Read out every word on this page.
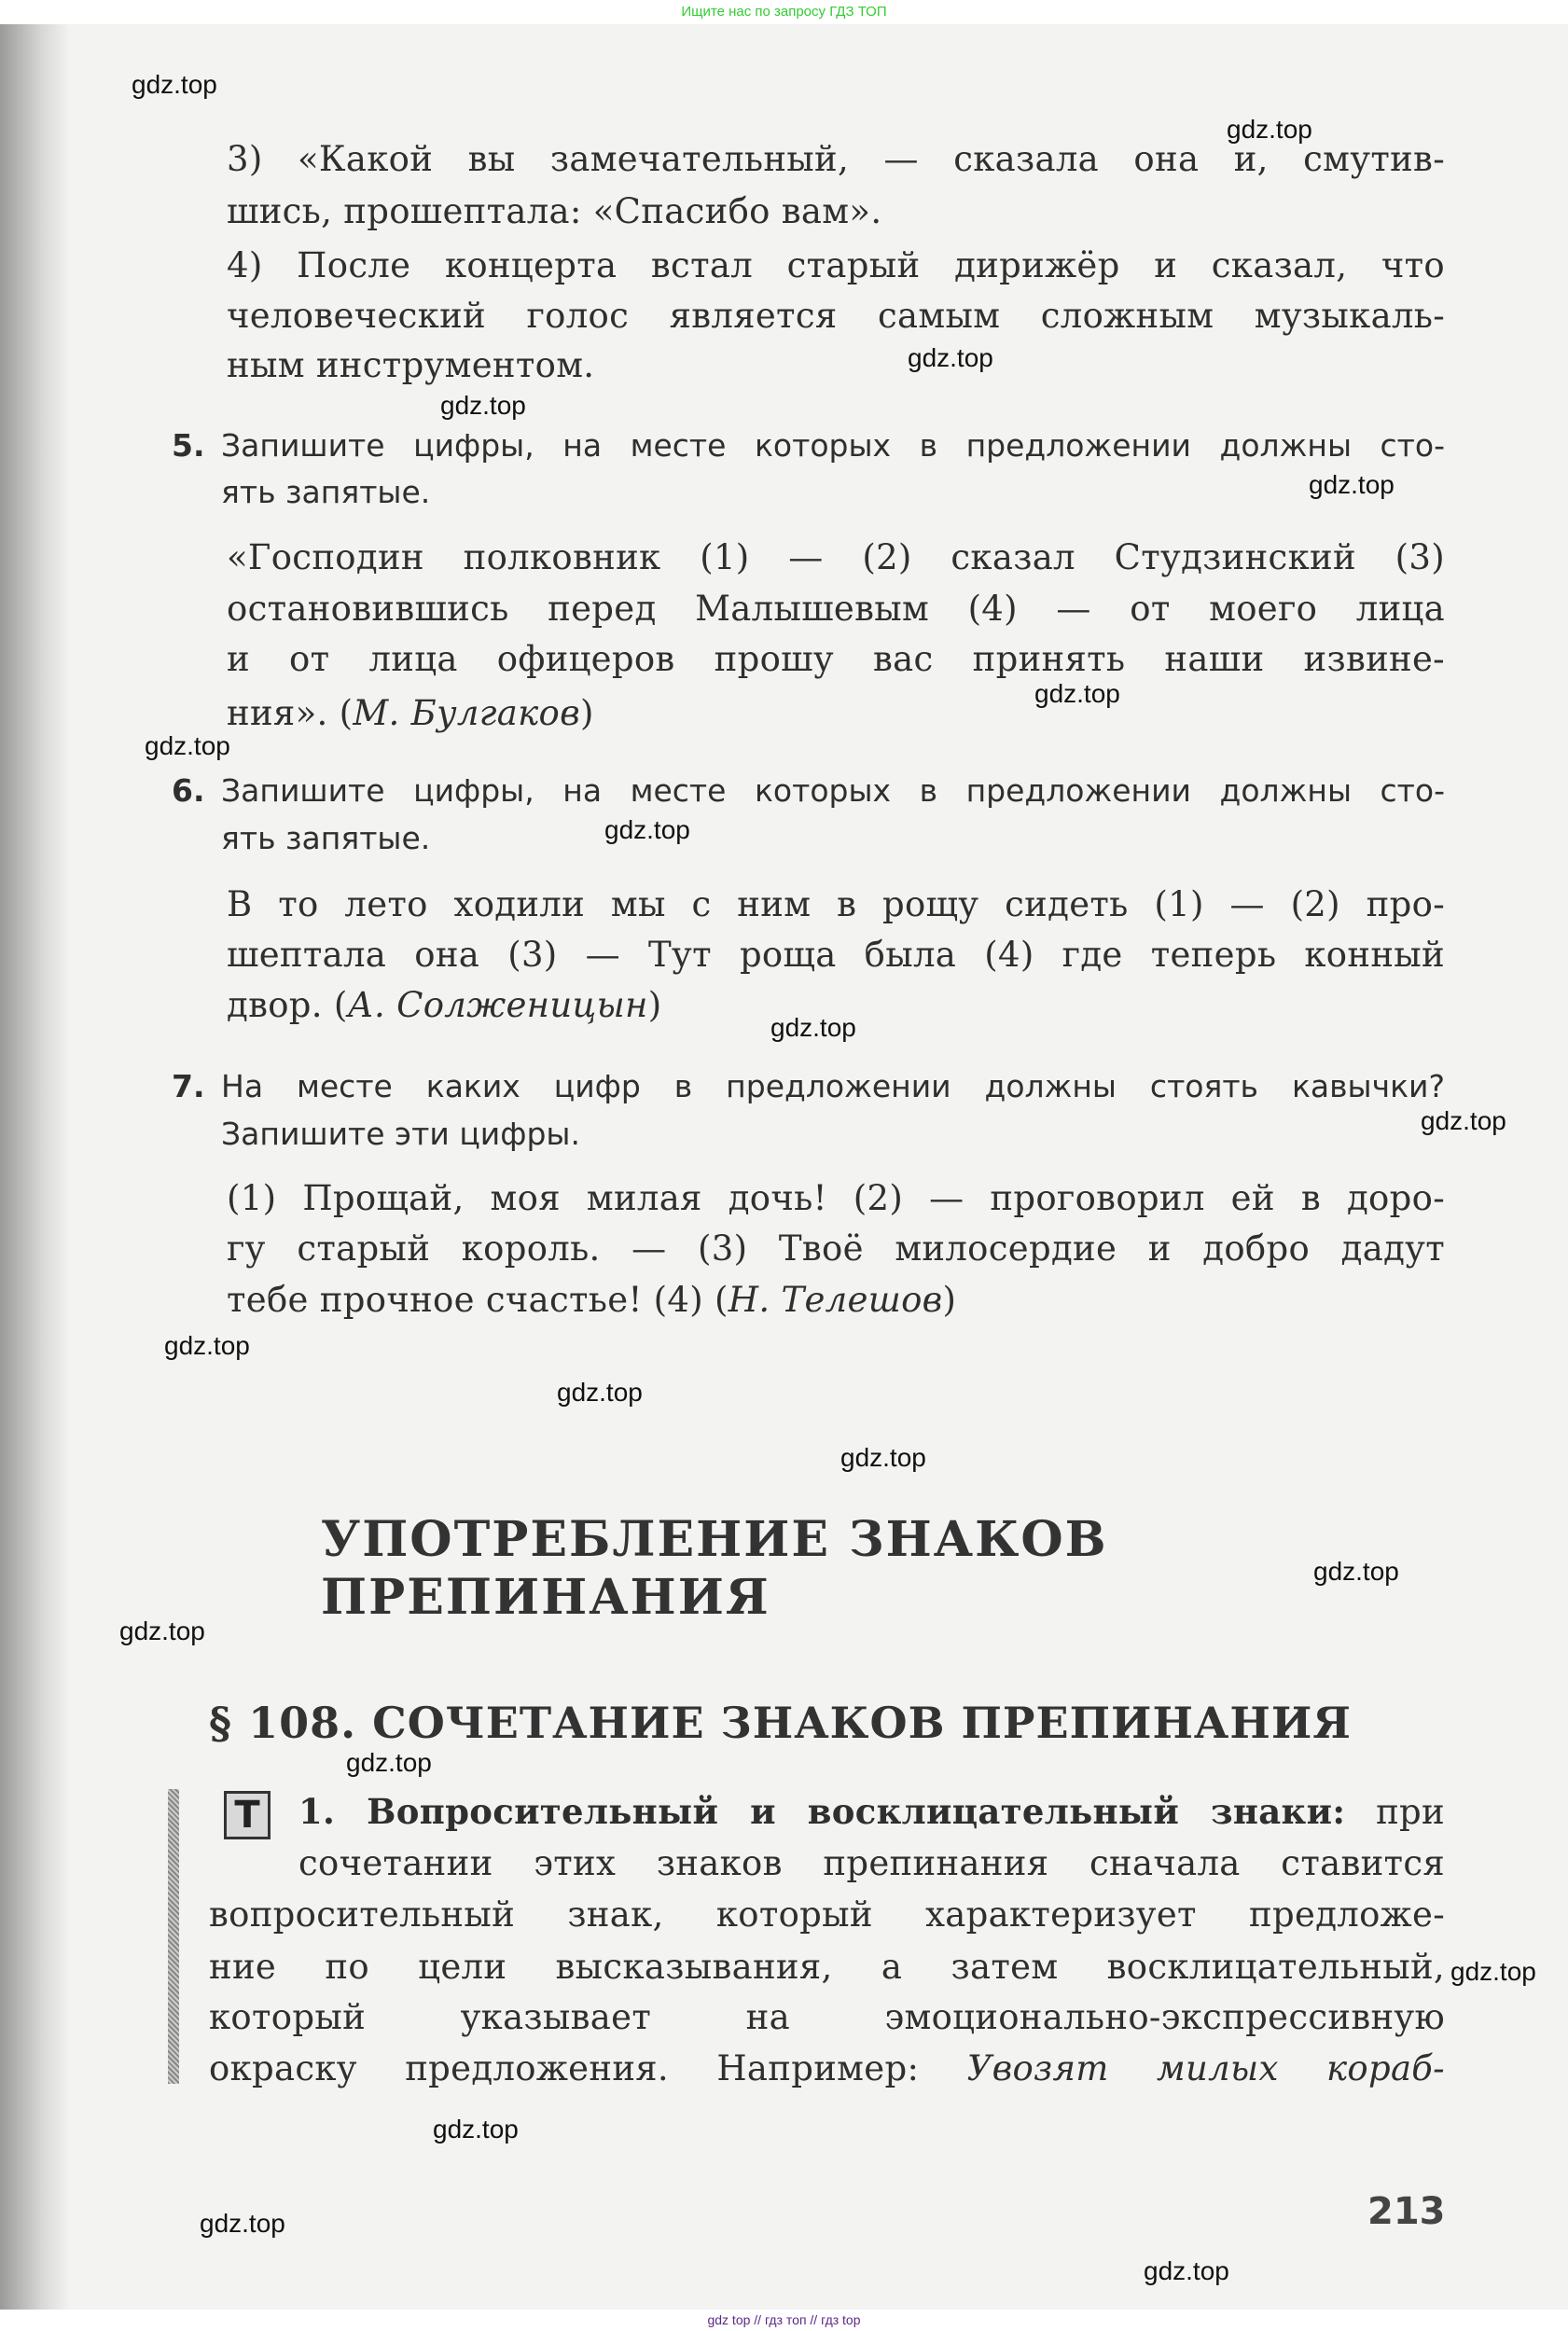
Ищите нас по запросу ГДЗ ТОП
3) «Какой вы замечательный, — сказала она и, смутив-
шись, прошептала: «Спасибо вам».
4) После концерта встал старый дирижёр и сказал, что
человеческий голос является самым сложным музыкаль-
ным инструментом.
5. Запишите цифры, на месте которых в предложении должны сто-
ять запятые.
«Господин полковник (1) — (2) сказал Студзинский (3)
остановившись перед Малышевым (4) — от моего лица
и от лица офицеров прошу вас принять наши извине-
ния». (М. Булгаков)
6. Запишите цифры, на месте которых в предложении должны сто-
ять запятые.
В то лето ходили мы с ним в рощу сидеть (1) — (2) про-
шептала она (3) — Тут роща была (4) где теперь конный
двор. (А. Солженицын)
7. На месте каких цифр в предложении должны стоять кавычки?
Запишите эти цифры.
(1) Прощай, моя милая дочь! (2) — проговорил ей в доро-
гу старый король. — (3) Твоё милосердие и добро дадут
тебе прочное счастье! (4) (Н. Телешов)
1. Вопросительный и восклицательный знаки: при
сочетании этих знаков препинания сначала ставится
вопросительный знак, который характеризует предложе-
ние по цели высказывания, а затем восклицательный,
который указывает на эмоционально-экспрессивную
окраску предложения. Например: Увозят милых кораб-
УПОТРЕБЛЕНИЕ ЗНАКОВ
ПРЕПИНАНИЯ
§ 108. СОЧЕТАНИЕ ЗНАКОВ ПРЕПИНАНИЯ
Т
213
gdz.top
gdz.top
gdz.top
gdz.top
gdz.top
gdz.top
gdz.top
gdz.top
gdz.top
gdz.top
gdz.top
gdz.top
gdz.top
gdz.top
gdz.top
gdz.top
gdz.top
gdz.top
gdz.top
gdz.top
gdz top // гдз топ // гдз top
